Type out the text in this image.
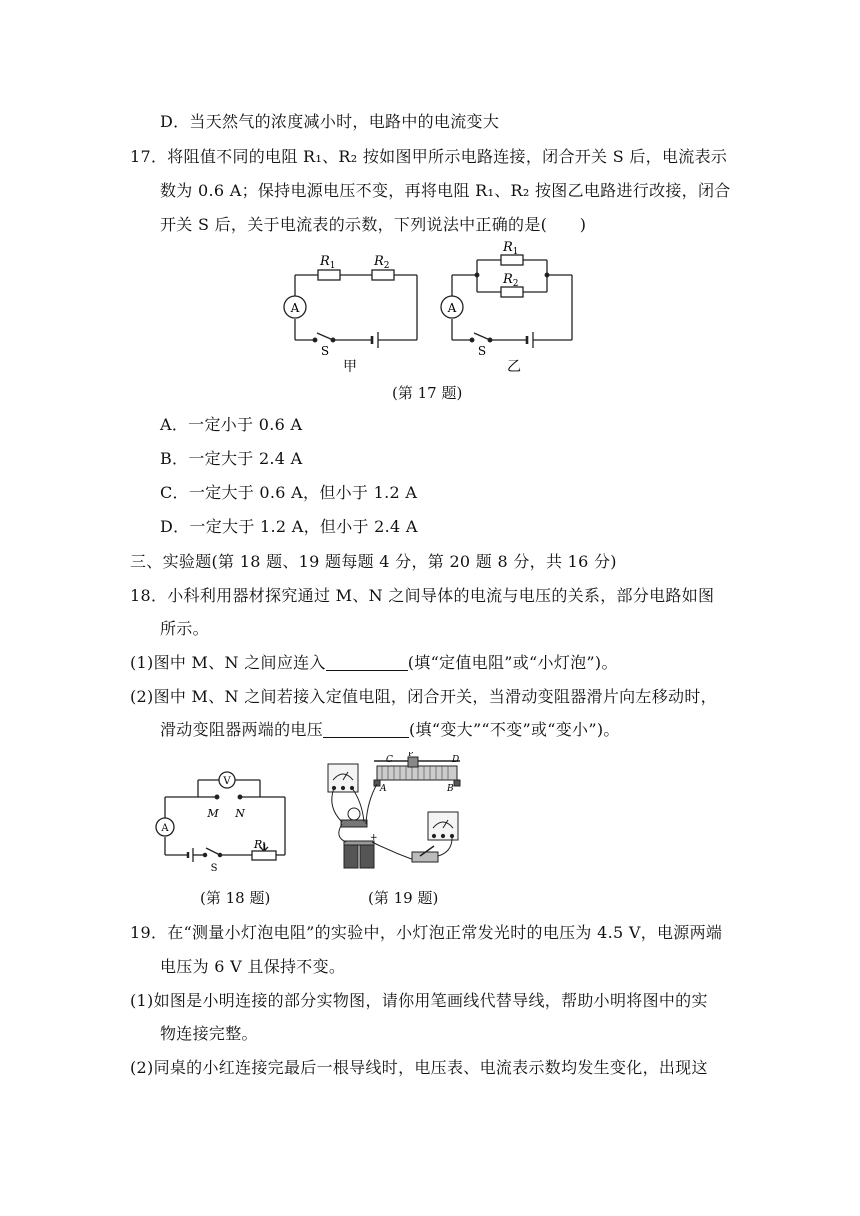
D．当天然气的浓度减小时，电路中的电流变大
17．将阻值不同的电阻 R₁、R₂ 按如图甲所示电路连接，闭合开关 S 后，电流表示
数为 0.6 A；保持电源电压不变，再将电阻 R₁、R₂ 按图乙电路进行改接，闭合
开关 S 后，关于电流表的示数，下列说法中正确的是(　　)
$R_1$	$R_2$
A
S
甲
$R_1$
$R_2$
A
S
乙
(第 17 题)
A．一定小于 0.6 A
B．一定大于 2.4 A
C．一定大于 0.6 A，但小于 1.2 A
D．一定大于 1.2 A，但小于 2.4 A
三、实验题(第 18 题、19 题每题 4 分，第 20 题 8 分，共 16 分)
18．小科利用器材探究通过 M、N 之间导体的电流与电压的关系，部分电路如图
所示。
(1)图中 M、N 之间应连入	(填“定值电阻”或“小灯泡”)。
(2)图中 M、N 之间若接入定值电阻，闭合开关，当滑动变阻器滑片向左移动时，
滑动变阻器两端的电压	(填“变大”“不变”或“变小”)。
V
A
M N
R1
S
(第 18 题)
C
P
D
A	B
+
(第 19 题)
19．在“测量小灯泡电阻”的实验中，小灯泡正常发光时的电压为 4.5 V，电源两端
电压为 6 V 且保持不变。
(1)如图是小明连接的部分实物图，请你用笔画线代替导线，帮助小明将图中的实
物连接完整。
(2)同桌的小红连接完最后一根导线时，电压表、电流表示数均发生变化，出现这
